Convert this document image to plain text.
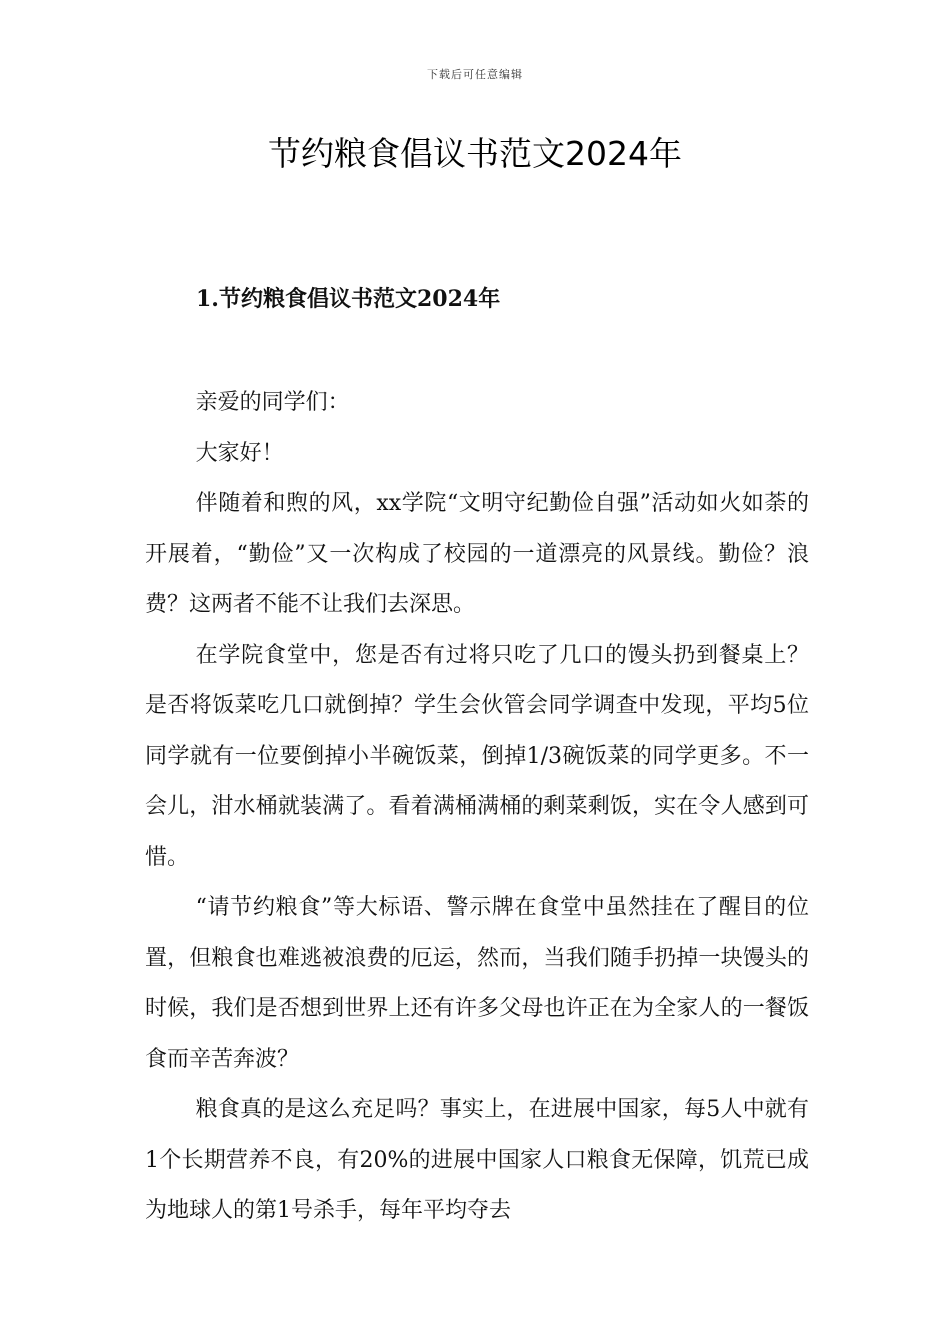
下载后可任意编辑
节约粮食倡议书范文2024年
1.节约粮食倡议书范文2024年

亲爱的同学们：

大家好！

伴随着和煦的风，xx学院“文明守纪勤俭自强”活动如火如荼的开展着，“勤俭”又一次构成了校园的一道漂亮的风景线。勤俭？浪费？这两者不能不让我们去深思。

在学院食堂中，您是否有过将只吃了几口的馒头扔到餐桌上？是否将饭菜吃几口就倒掉？学生会伙管会同学调查中发现，平均5位同学就有一位要倒掉小半碗饭菜，倒掉1/3碗饭菜的同学更多。不一会儿，泔水桶就装满了。看着满桶满桶的剩菜剩饭，实在令人感到可惜。

“请节约粮食”等大标语、警示牌在食堂中虽然挂在了醒目的位置，但粮食也难逃被浪费的厄运，然而，当我们随手扔掉一块馒头的时候，我们是否想到世界上还有许多父母也许正在为全家人的一餐饭食而辛苦奔波？

粮食真的是这么充足吗？事实上，在进展中国家，每5人中就有1个长期营养不良，有20%的进展中国家人口粮食无保障，饥荒已成为地球人的第1号杀手，每年平均夺去
